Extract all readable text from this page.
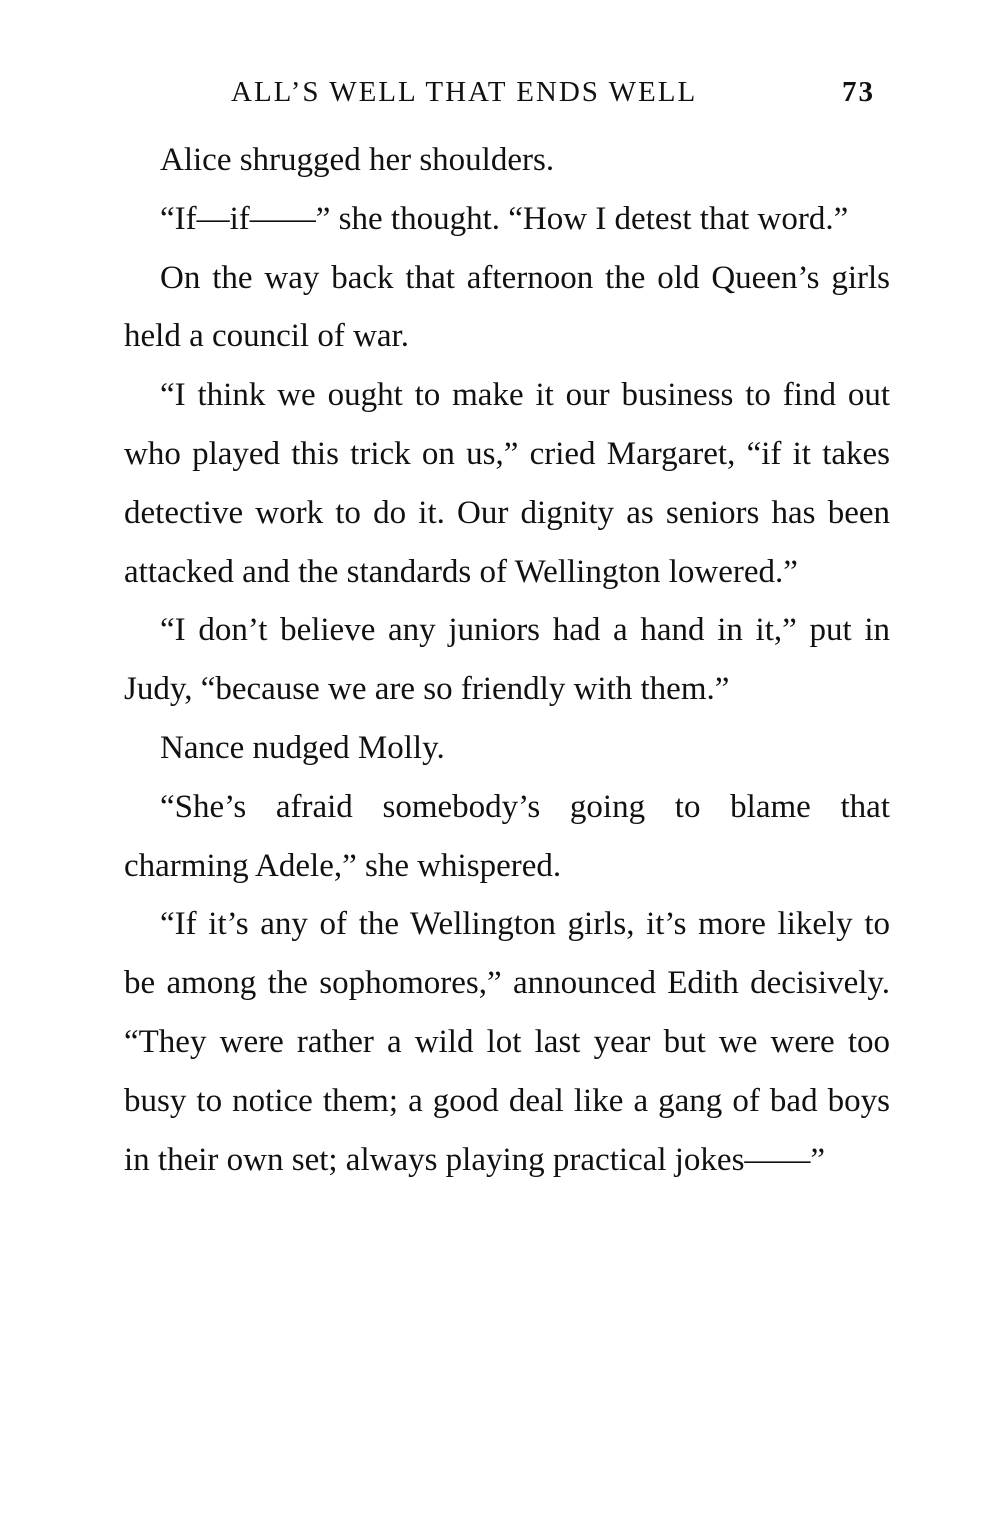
ALL’S WELL THAT ENDS WELL	73

Alice shrugged her shoulders.

“If—if——” she thought. “How I detest that word.”

On the way back that afternoon the old Queen’s girls held a council of war.

“I think we ought to make it our business to find out who played this trick on us,” cried Margaret, “if it takes detective work to do it. Our dignity as seniors has been attacked and the standards of Wellington lowered.”

“I don’t believe any juniors had a hand in it,” put in Judy, “because we are so friendly with them.”

Nance nudged Molly.

“She’s afraid somebody’s going to blame that charming Adele,” she whispered.

“If it’s any of the Wellington girls, it’s more likely to be among the sophomores,” announced Edith decisively. “They were rather a wild lot last year but we were too busy to notice them; a good deal like a gang of bad boys in their own set; always playing practical jokes——”
